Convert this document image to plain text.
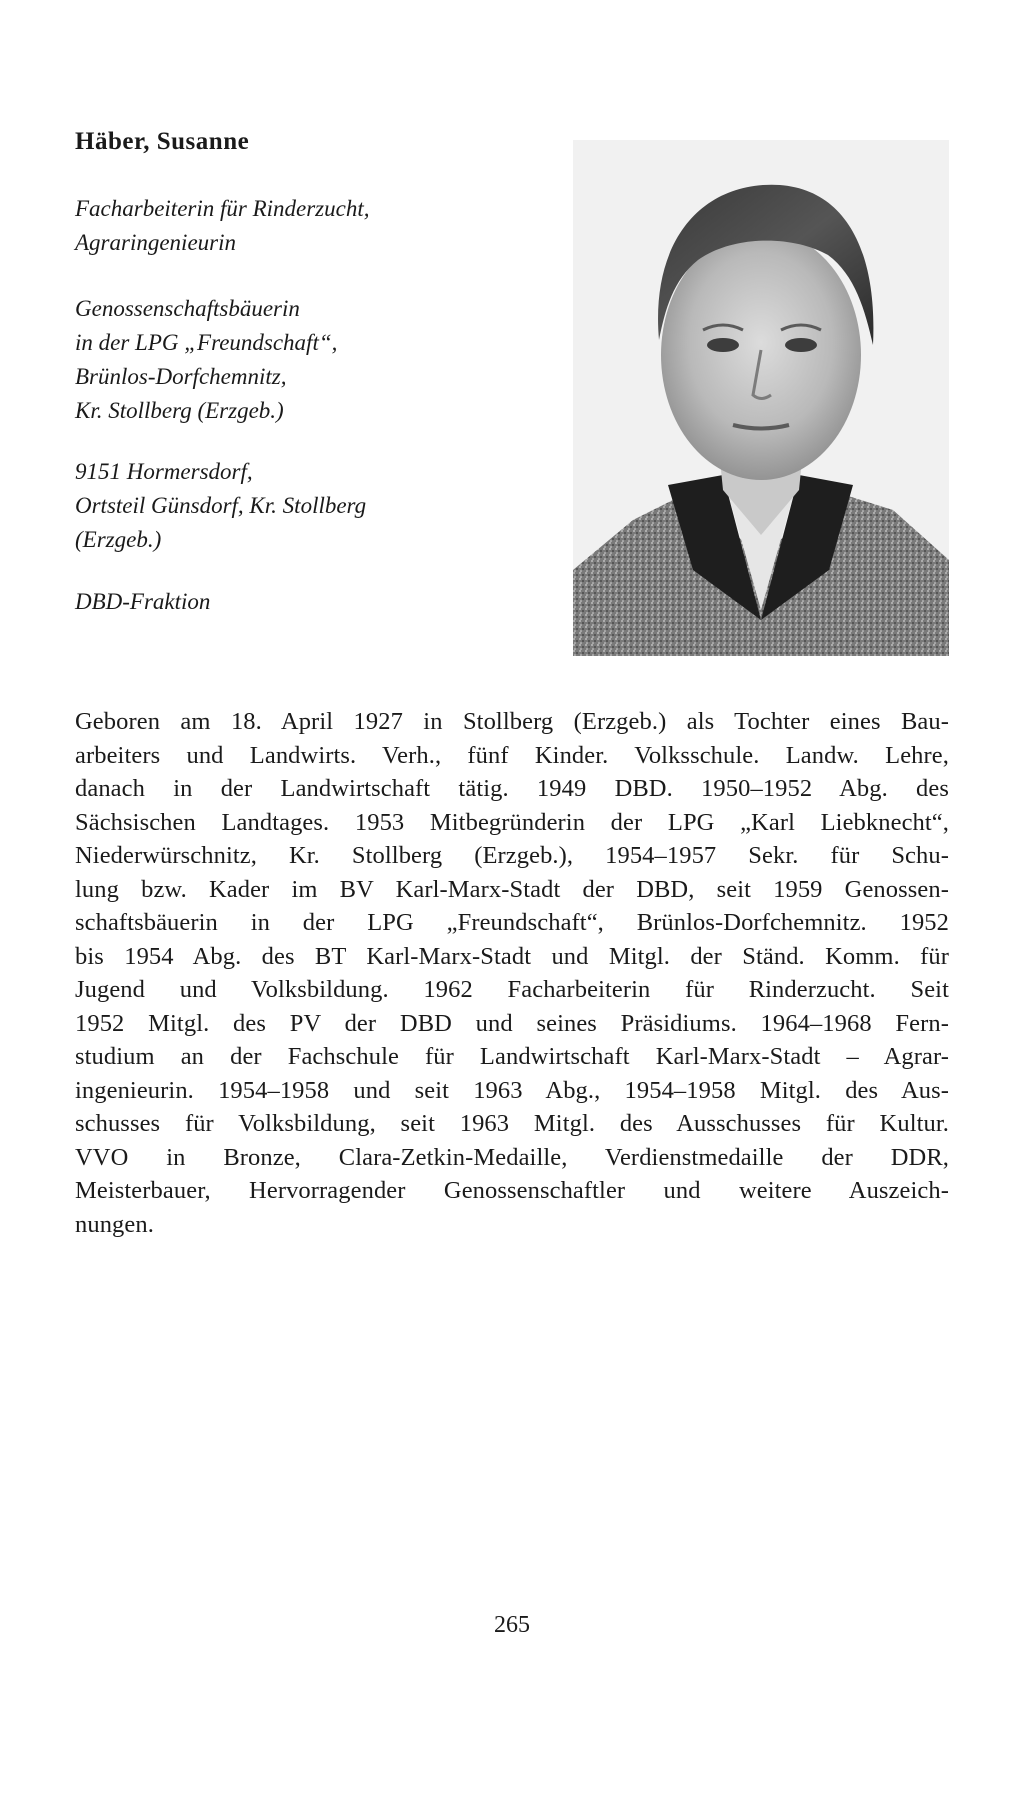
Häber, Susanne
Facharbeiterin für Rinderzucht,
Agraringenieurin
Genossenschaftsbäuerin
in der LPG „Freundschaft“,
Brünlos-Dorfchemnitz,
Kr. Stollberg (Erzgeb.)
9151 Hormersdorf,
Ortsteil Günsdorf, Kr. Stollberg
(Erzgeb.)
DBD-Fraktion
Geboren am 18. April 1927 in Stollberg (Erzgeb.) als Tochter eines Bau-
arbeiters und Landwirts. Verh., fünf Kinder. Volksschule. Landw. Lehre,
danach in der Landwirtschaft tätig. 1949 DBD. 1950–1952 Abg. des
Sächsischen Landtages. 1953 Mitbegründerin der LPG „Karl Liebknecht“,
Niederwürschnitz, Kr. Stollberg (Erzgeb.), 1954–1957 Sekr. für Schu-
lung bzw. Kader im BV Karl-Marx-Stadt der DBD, seit 1959 Genossen-
schaftsbäuerin in der LPG „Freundschaft“, Brünlos-Dorfchemnitz. 1952
bis 1954 Abg. des BT Karl-Marx-Stadt und Mitgl. der Ständ. Komm. für
Jugend und Volksbildung. 1962 Facharbeiterin für Rinderzucht. Seit
1952 Mitgl. des PV der DBD und seines Präsidiums. 1964–1968 Fern-
studium an der Fachschule für Landwirtschaft Karl-Marx-Stadt – Agrar-
ingenieurin. 1954–1958 und seit 1963 Abg., 1954–1958 Mitgl. des Aus-
schusses für Volksbildung, seit 1963 Mitgl. des Ausschusses für Kultur.
VVO in Bronze, Clara-Zetkin-Medaille, Verdienstmedaille der DDR,
Meisterbauer, Hervorragender Genossenschaftler und weitere Auszeich-
nungen.
265
